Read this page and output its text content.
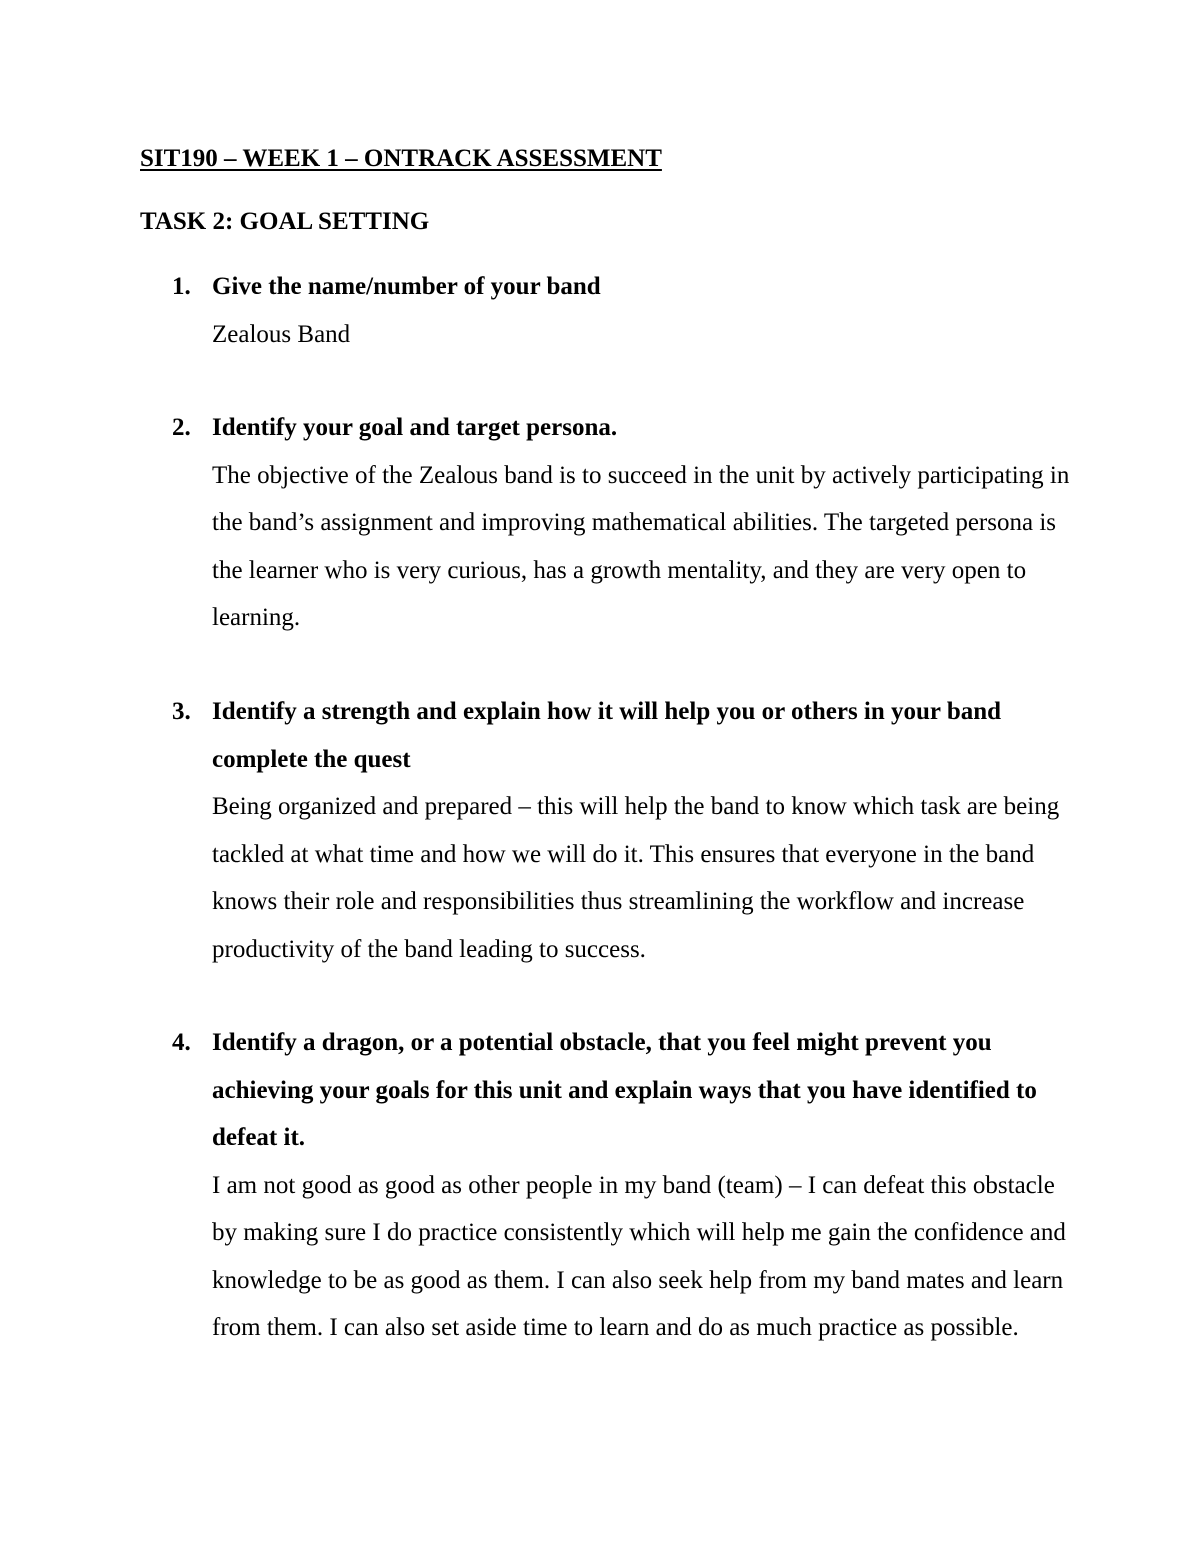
SIT190 – WEEK 1 – ONTRACK ASSESSMENT
TASK 2: GOAL SETTING
1. Give the name/number of your band
Zealous Band
2. Identify your goal and target persona.
The objective of the Zealous band is to succeed in the unit by actively participating in the band’s assignment and improving mathematical abilities. The targeted persona is the learner who is very curious, has a growth mentality, and they are very open to learning.
3. Identify a strength and explain how it will help you or others in your band complete the quest
Being organized and prepared – this will help the band to know which task are being tackled at what time and how we will do it. This ensures that everyone in the band knows their role and responsibilities thus streamlining the workflow and increase productivity of the band leading to success.
4. Identify a dragon, or a potential obstacle, that you feel might prevent you achieving your goals for this unit and explain ways that you have identified to defeat it.
I am not good as good as other people in my band (team) – I can defeat this obstacle by making sure I do practice consistently which will help me gain the confidence and knowledge to be as good as them. I can also seek help from my band mates and learn from them. I can also set aside time to learn and do as much practice as possible.
